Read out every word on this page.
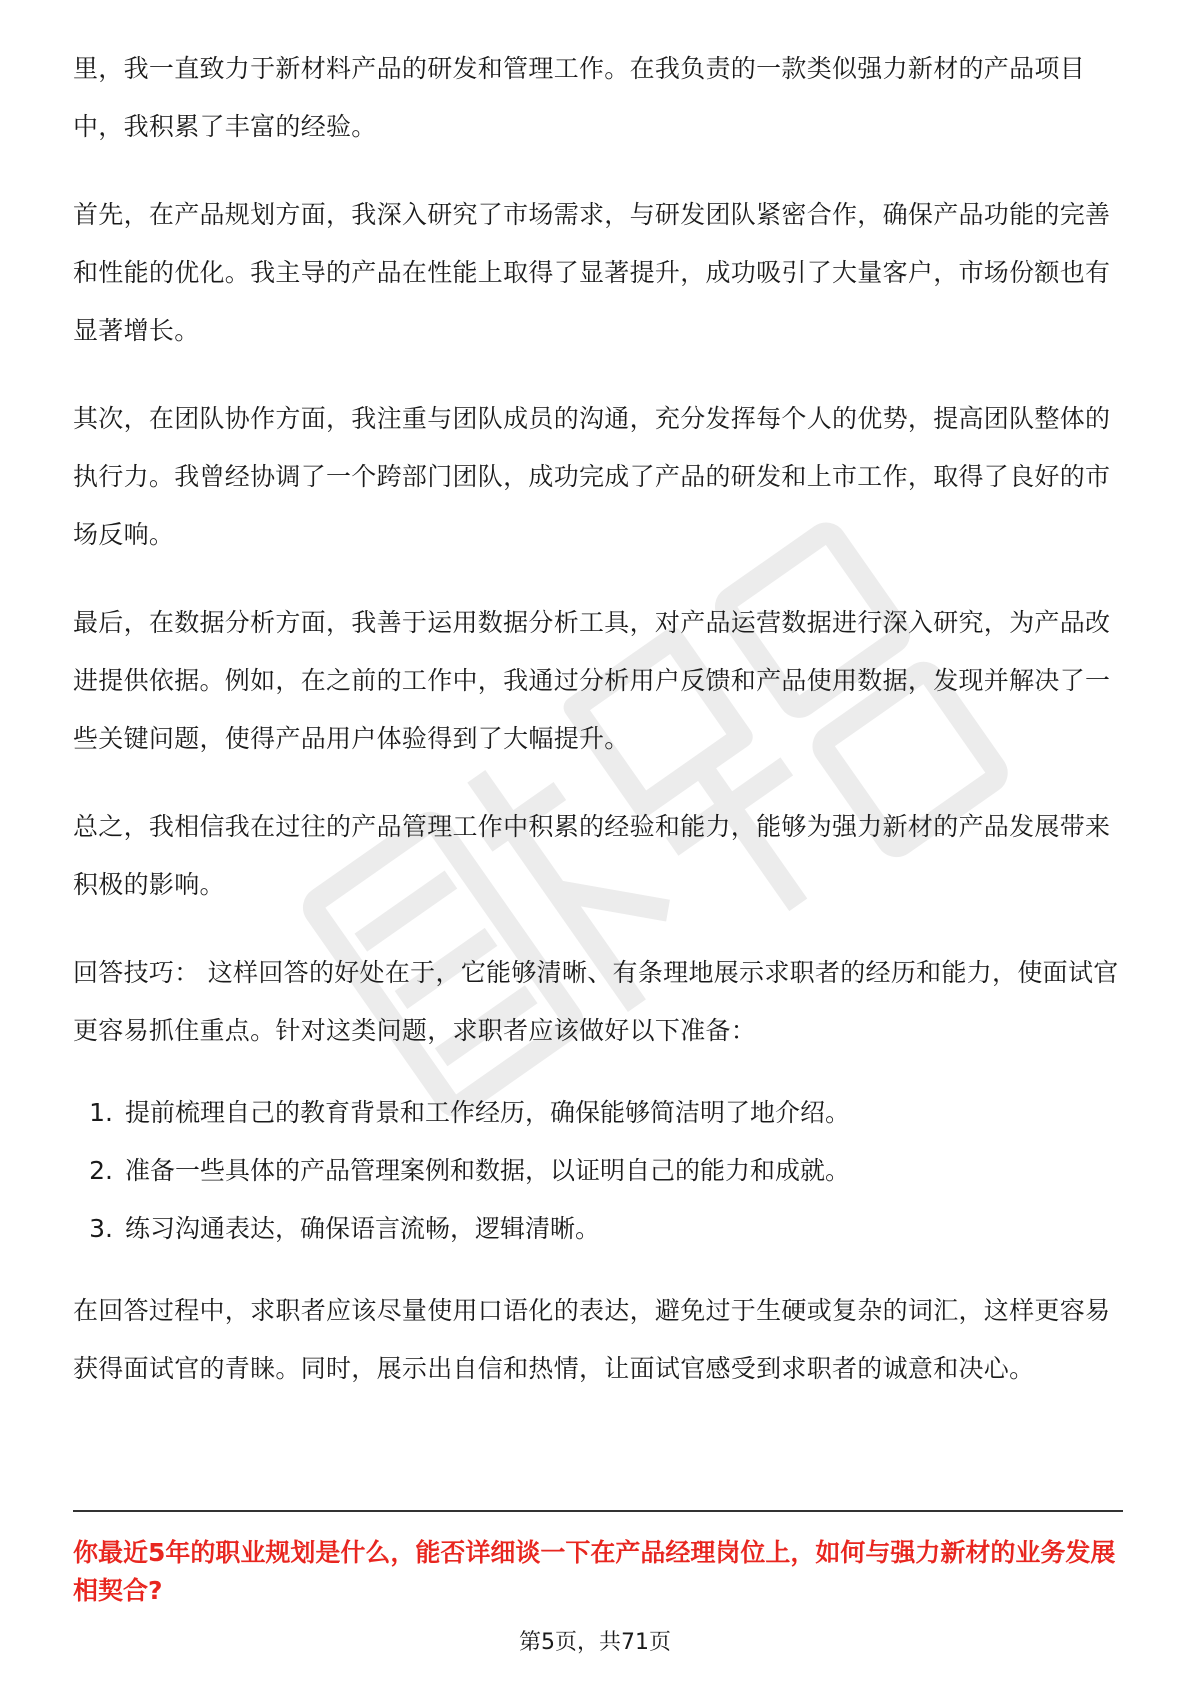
里，我一直致力于新材料产品的研发和管理工作。在我负责的一款类似强力新材的产品项目中，我积累了丰富的经验。

首先，在产品规划方面，我深入研究了市场需求，与研发团队紧密合作，确保产品功能的完善和性能的优化。我主导的产品在性能上取得了显著提升，成功吸引了大量客户，市场份额也有显著增长。

其次，在团队协作方面，我注重与团队成员的沟通，充分发挥每个人的优势，提高团队整体的执行力。我曾经协调了一个跨部门团队，成功完成了产品的研发和上市工作，取得了良好的市场反响。

最后，在数据分析方面，我善于运用数据分析工具，对产品运营数据进行深入研究，为产品改进提供依据。例如，在之前的工作中，我通过分析用户反馈和产品使用数据，发现并解决了一些关键问题，使得产品用户体验得到了大幅提升。

总之，我相信我在过往的产品管理工作中积累的经验和能力，能够为强力新材的产品发展带来积极的影响。

回答技巧： 这样回答的好处在于，它能够清晰、有条理地展示求职者的经历和能力，使面试官更容易抓住重点。针对这类问题，求职者应该做好以下准备：

1. 提前梳理自己的教育背景和工作经历，确保能够简洁明了地介绍。
2. 准备一些具体的产品管理案例和数据，以证明自己的能力和成就。
3. 练习沟通表达，确保语言流畅，逻辑清晰。

在回答过程中，求职者应该尽量使用口语化的表达，避免过于生硬或复杂的词汇，这样更容易获得面试官的青睐。同时，展示出自信和热情，让面试官感受到求职者的诚意和决心。

你最近5年的职业规划是什么，能否详细谈一下在产品经理岗位上，如何与强力新材的业务发展相契合?

第5页，共71页
